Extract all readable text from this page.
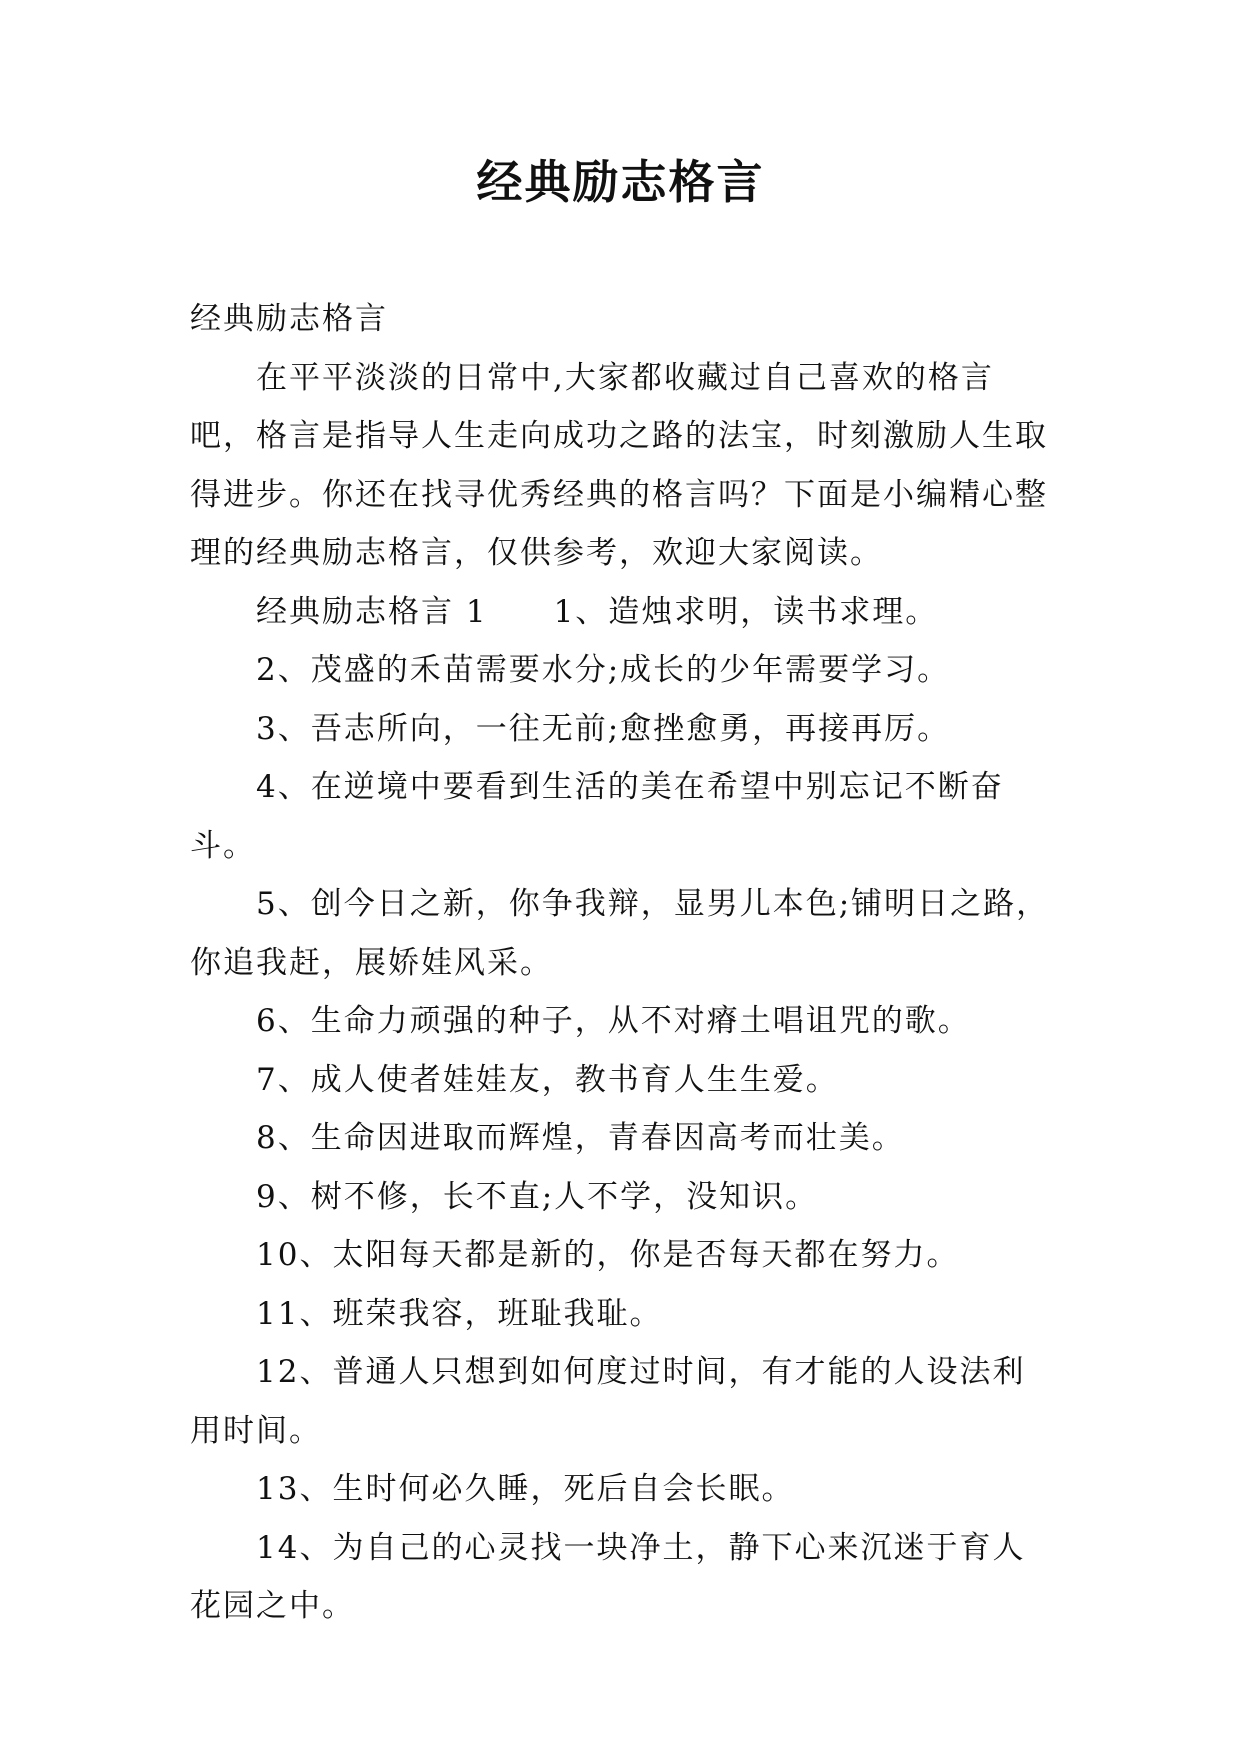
经典励志格言

经典励志格言

在平平淡淡的日常中,大家都收藏过自己喜欢的格言吧，格言是指导人生走向成功之路的法宝，时刻激励人生取得进步。你还在找寻优秀经典的格言吗？下面是小编精心整理的经典励志格言，仅供参考，欢迎大家阅读。

经典励志格言 1　　1、造烛求明，读书求理。

2、茂盛的禾苗需要水分;成长的少年需要学习。

3、吾志所向，一往无前;愈挫愈勇，再接再厉。

4、在逆境中要看到生活的美在希望中别忘记不断奋斗。

5、创今日之新，你争我辩，显男儿本色;铺明日之路，你追我赶，展娇娃风采。

6、生命力顽强的种子，从不对瘠土唱诅咒的歌。

7、成人使者娃娃友，教书育人生生爱。

8、生命因进取而辉煌，青春因高考而壮美。

9、树不修，长不直;人不学，没知识。

10、太阳每天都是新的，你是否每天都在努力。

11、班荣我容，班耻我耻。

12、普通人只想到如何度过时间，有才能的人设法利用时间。

13、生时何必久睡，死后自会长眠。

14、为自己的心灵找一块净土，静下心来沉迷于育人花园之中。
